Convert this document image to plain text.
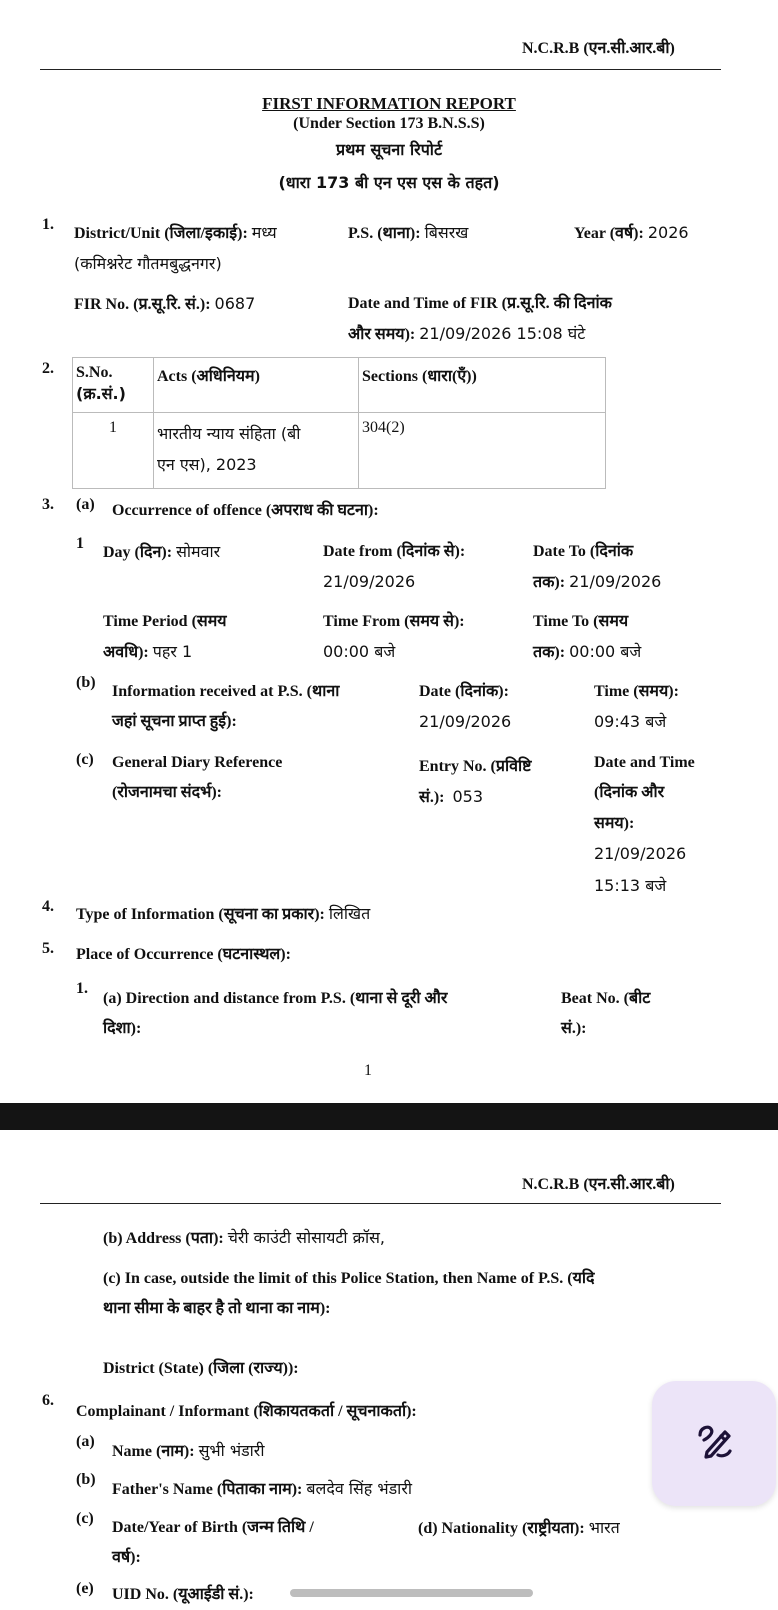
N.C.R.B (एन.सी.आर.बी)
FIRST INFORMATION REPORT
(Under Section 173 B.N.S.S)
प्रथम सूचना रिपोर्ट
(धारा 173 बी एन एस एस के तहत)
1.
District/Unit (जिला/इकाई): मध्य
(कमिश्नरेट गौतमबुद्धनगर)
P.S. (थाना): बिसरख	Year (वर्ष): 2026
FIR No. (प्र.सू.रि. सं.): 0687	Date and Time of FIR (प्र.सू.रि. की दिनांक
और समय): 21/09/2026 15:08 घंटे
2. S.No.
(क्र.सं.)	Acts (अधिनियम)	Sections (धारा(एँ))
1	भारतीय न्याय संहिता (बी
एन एस), 2023	304(2)
3. (a) Occurrence of offence (अपराध की घटना):
1
Day (दिन): सोमवार	Date from (दिनांक से):
21/09/2026
Date To (दिनांक
तक): 21/09/2026
Time Period (समय
अवधि): पहर 1
Time From (समय से):
00:00 बजे
Time To (समय
तक): 00:00 बजे
(b)
Information received at P.S. (थाना
जहां सूचना प्राप्त हुई):
Date (दिनांक):
21/09/2026
Time (समय):
09:43 बजे
(c) General Diary Reference
(रोजनामचा संदर्भ):
Entry No. (प्रविष्टि
सं.): 053
Date and Time
(दिनांक और
समय):
21/09/2026
15:13 बजे
4. Type of Information (सूचना का प्रकार): लिखित
5. Place of Occurrence (घटनास्थल):
1.
(a) Direction and distance from P.S. (थाना से दूरी और
दिशा):
Beat No. (बीट
सं.):
1
N.C.R.B (एन.सी.आर.बी)
(b) Address (पता): चेरी काउंटी सोसायटी क्रॉस,
(c) In case, outside the limit of this Police Station, then Name of P.S. (यदि
थाना सीमा के बाहर है तो थाना का नाम):
District (State) (जिला (राज्य)):
6.
Complainant / Informant (शिकायतकर्ता / सूचनाकर्ता):
(a)
Name (नाम): सुभी भंडारी
(b)
Father's Name (पिताका नाम): बलदेव सिंह भंडारी
(c)
Date/Year of Birth (जन्म तिथि /
वर्ष):
(d) Nationality (राष्ट्रीयता): भारत
(e) UID No. (यूआईडी सं.):
